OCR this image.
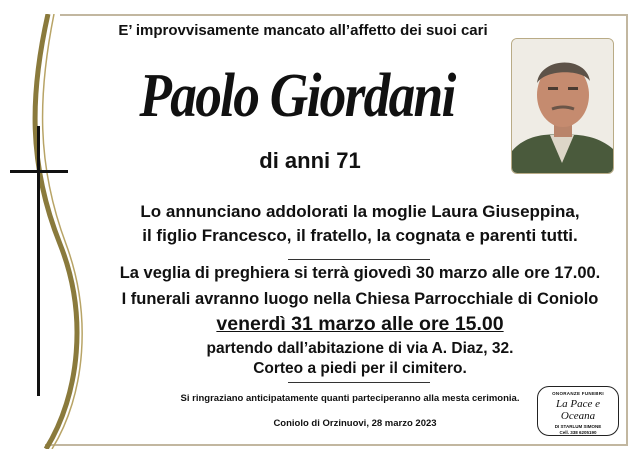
E’ improvvisamente mancato all’affetto dei suoi cari
Paolo Giordani
di anni 71
Lo annunciano addolorati la moglie Laura Giuseppina,
il figlio Francesco, il fratello, la cognata e parenti tutti.
La veglia di preghiera si terrà giovedì 30 marzo alle ore 17.00.
I funerali avranno luogo nella Chiesa Parrocchiale di Coniolo
venerdì 31 marzo alle ore 15.00
partendo dall’abitazione di via A. Diaz, 32.
Corteo a piedi per il cimitero.
Si ringraziano anticipatamente quanti parteciperanno alla mesta cerimonia.
Coniolo di Orzinuovi, 28 marzo 2023
ONORANZE FUNEBRI
La Pace e Oceana
DI STARLUM SIMONE
Cell. 338 6205190
